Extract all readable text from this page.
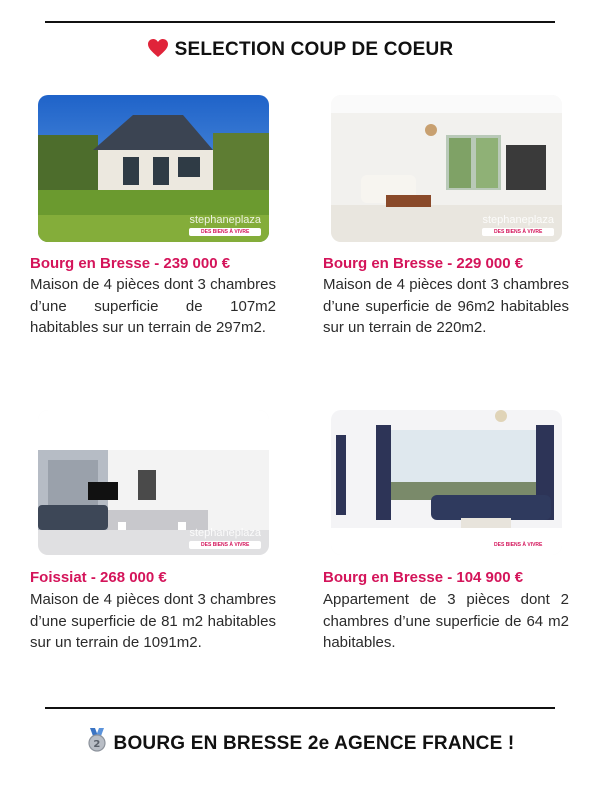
SELECTION COUP DE COEUR
stephaneplaza
DES BIENS À VIVRE
Bourg en Bresse - 239 000 €
Maison de 4 pièces dont 3 chambres d’une superficie de 107m2 habitables sur un terrain de 297m2.
stephaneplaza
DES BIENS À VIVRE
Bourg en Bresse - 229 000 €
Maison de 4 pièces dont 3 chambres d’une superficie de 96m2 habitables sur un terrain de 220m2.
stephaneplaza
DES BIENS À VIVRE
Foissiat - 268 000 €
Maison de 4 pièces dont 3 chambres d’une superficie de 81 m2 habitables sur un terrain de 1091m2.
stephaneplaza
DES BIENS À VIVRE
Bourg en Bresse - 104 900 €
Appartement de 3 pièces dont 2 chambres d’une superficie de 64 m2 habitables.
2 BOURG EN BRESSE 2e AGENCE FRANCE !
